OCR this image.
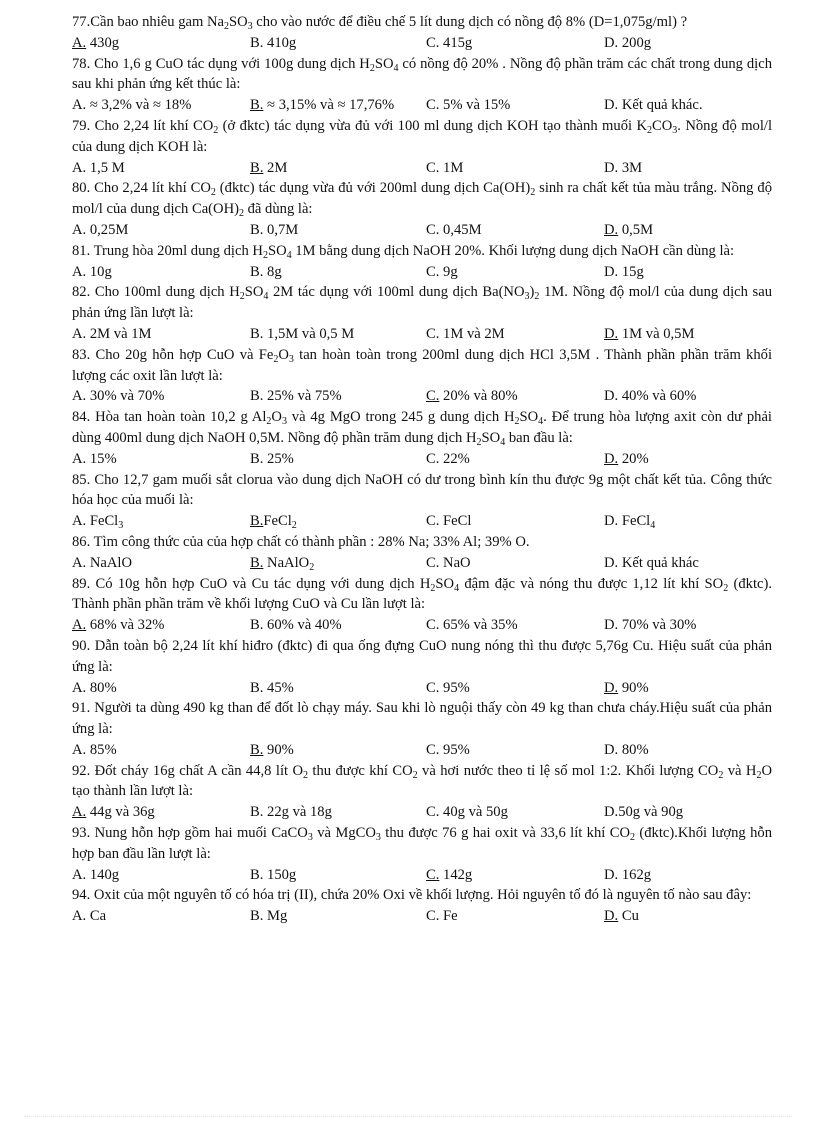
77.Cần bao nhiêu gam $Na_2SO_3$ cho vào nước để điều chế 5 lít dung dịch có nồng độ 8% (D=1,075g/ml) ?
A. 430g	B. 410g	C. 415g	D. 200g
78. Cho 1,6 g CuO tác dụng với 100g dung dịch $H_2SO_4$ có nồng độ 20% . Nồng độ phần trăm các chất trong dung dịch sau khi phản ứng kết thúc là:
A. ≈ 3,2% và ≈ 18%	B. ≈ 3,15% và ≈ 17,76%	C. 5% và 15%	D. Kết quả khác.
79. Cho 2,24 lít khí $CO_2$ (ở đktc) tác dụng vừa đủ với 100 ml dung dịch KOH tạo thành muối $K_2CO_3$. Nồng độ mol/l của dung dịch KOH là:
A. 1,5 M	B. 2M	C. 1M	D. 3M
80. Cho 2,24 lít khí $CO_2$ (đktc) tác dụng vừa đủ với 200ml dung dịch $Ca(OH)_2$ sinh ra chất kết tủa màu trắng. Nồng độ mol/l của dung dịch $Ca(OH)_2$ đã dùng là:
A. 0,25M	B. 0,7M	C. 0,45M	D. 0,5M
81. Trung hòa 20ml dung dịch $H_2SO_4$ 1M bằng dung dịch NaOH 20%. Khối lượng dung dịch NaOH cần dùng là:
A. 10g	B. 8g	C. 9g	D. 15g
82. Cho 100ml dung dịch $H_2SO_4$ 2M tác dụng với 100ml dung dịch $Ba(NO_3)_2$ 1M. Nồng độ mol/l của dung dịch sau phản ứng lần lượt là:
A. 2M và 1M	B. 1,5M và 0,5 M	C. 1M và 2M	D. 1M và 0,5M
83. Cho 20g hỗn hợp CuO và $Fe_2O_3$ tan hoàn toàn trong 200ml dung dịch HCl 3,5M . Thành phần phần trăm khối lượng các oxit lần lượt là:
A. 30% và 70%	B. 25% và 75%	C. 20% và 80%	D. 40% và 60%
84. Hòa tan hoàn toàn 10,2 g $Al_2O_3$ và 4g MgO trong 245 g dung dịch $H_2SO_4$. Để trung hòa lượng axit còn dư phải dùng 400ml dung dịch NaOH 0,5M. Nồng độ phần trăm dung dịch $H_2SO_4$ ban đầu là:
A. 15%	B. 25%	C. 22%	D. 20%
85. Cho 12,7 gam muối sắt clorua vào dung dịch NaOH có dư trong bình kín thu được 9g một chất kết tủa. Công thức hóa học của muối là:
A. FeCl$_3$	B.FeCl$_2$	C. FeCl	D. FeCl$_4$
86. Tìm công thức của của hợp chất có thành phần : 28% Na; 33% Al; 39% O.
A. NaAlO	B. NaAlO$_2$	C. NaO	D. Kết quả khác
89. Có 10g hỗn hợp CuO và Cu tác dụng với dung dịch $H_2SO_4$ đậm đặc và nóng thu được 1,12 lít khí $SO_2$ (đktc). Thành phần phần trăm về khối lượng CuO và Cu lần lượt là:
A. 68% và 32%	B. 60% và 40%	C. 65% và 35%	D. 70% và 30%
90. Dẫn toàn bộ 2,24 lít khí hiđro (đktc) đi qua ống đựng CuO nung nóng thì thu được 5,76g Cu. Hiệu suất của phản ứng là:
A. 80%	B. 45%	C. 95%	D. 90%
91. Người ta dùng 490 kg than để đốt lò chạy máy. Sau khi lò nguội thấy còn 49 kg than chưa cháy.Hiệu suất của phản ứng là:
A. 85%	B. 90%	C. 95%	D. 80%
92. Đốt cháy 16g chất A cần 44,8 lít $O_2$ thu được khí $CO_2$ và hơi nước theo tỉ lệ số mol 1:2. Khối lượng $CO_2$ và $H_2O$ tạo thành lần lượt là:
A. 44g và 36g	B. 22g và 18g	C. 40g và 50g	D.50g và 90g
93. Nung hỗn hợp gồm hai muối CaCO$_3$ và MgCO$_3$ thu được 76 g hai oxit và 33,6 lít khí $CO_2$ (đktc).Khối lượng hỗn hợp ban đầu lần lượt là:
A. 140g	B. 150g	C. 142g	D. 162g
94. Oxit của một nguyên tố có hóa trị (II), chứa 20% Oxi về khối lượng. Hỏi nguyên tố đó là nguyên tố nào sau đây:
A. Ca	B. Mg	C. Fe	D. Cu
